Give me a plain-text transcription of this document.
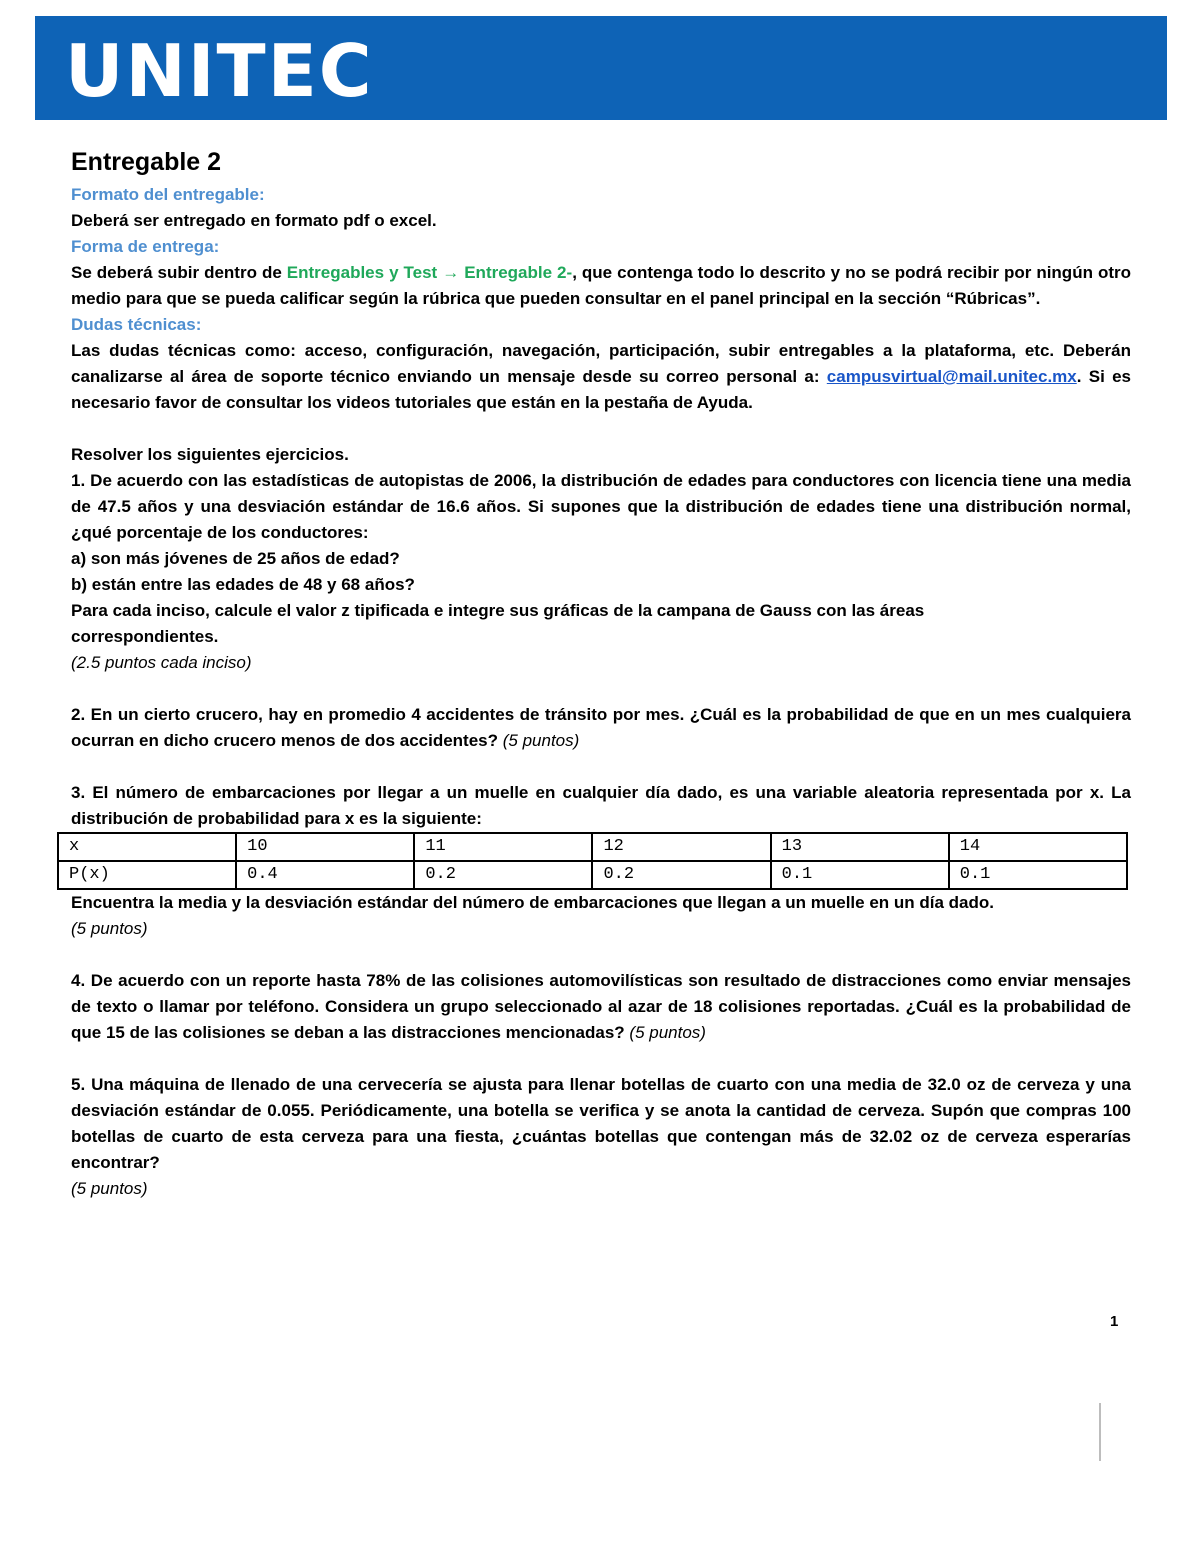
UNITEC
Entregable 2

Formato del entregable:

Deberá ser entregado en formato pdf o excel.

Forma de entrega:

Se deberá subir dentro de Entregables y Test → Entregable 2-, que contenga todo lo descrito y no se podrá recibir por ningún otro medio para que se pueda calificar según la rúbrica que pueden consultar en el panel principal en la sección “Rúbricas”.

Dudas técnicas:

Las dudas técnicas como: acceso, configuración, navegación, participación, subir entregables a la plataforma, etc. Deberán canalizarse al área de soporte técnico enviando un mensaje desde su correo personal a: campusvirtual@mail.unitec.mx. Si es necesario favor de consultar los videos tutoriales que están en la pestaña de Ayuda.

Resolver los siguientes ejercicios.

1. De acuerdo con las estadísticas de autopistas de 2006, la distribución de edades para conductores con licencia tiene una media de 47.5 años y una desviación estándar de 16.6 años. Si supones que la distribución de edades tiene una distribución normal, ¿qué porcentaje de los conductores:

a) son más jóvenes de 25 años de edad?

b) están entre las edades de 48 y 68 años?

Para cada inciso, calcule el valor z tipificada e integre sus gráficas de la campana de Gauss con las áreas correspondientes.

(2.5 puntos cada inciso)

2. En un cierto crucero, hay en promedio 4 accidentes de tránsito por mes. ¿Cuál es la probabilidad de que en un mes cualquiera ocurran en dicho crucero menos de dos accidentes? (5 puntos)

3. El número de embarcaciones por llegar a un muelle en cualquier día dado, es una variable aleatoria representada por x. La distribución de probabilidad para x es la siguiente:

x	10	11	12	13	14
P(x)	0.4	0.2	0.2	0.1	0.1

Encuentra la media y la desviación estándar del número de embarcaciones que llegan a un muelle en un día dado.

(5 puntos)

4. De acuerdo con un reporte hasta 78% de las colisiones automovilísticas son resultado de distracciones como enviar mensajes de texto o llamar por teléfono. Considera un grupo seleccionado al azar de 18 colisiones reportadas. ¿Cuál es la probabilidad de que 15 de las colisiones se deban a las distracciones mencionadas? (5 puntos)

5. Una máquina de llenado de una cervecería se ajusta para llenar botellas de cuarto con una media de 32.0 oz de cerveza y una desviación estándar de 0.055. Periódicamente, una botella se verifica y se anota la cantidad de cerveza. Supón que compras 100 botellas de cuarto de esta cerveza para una fiesta, ¿cuántas botellas que contengan más de 32.02 oz de cerveza esperarías encontrar?

(5 puntos)

1
